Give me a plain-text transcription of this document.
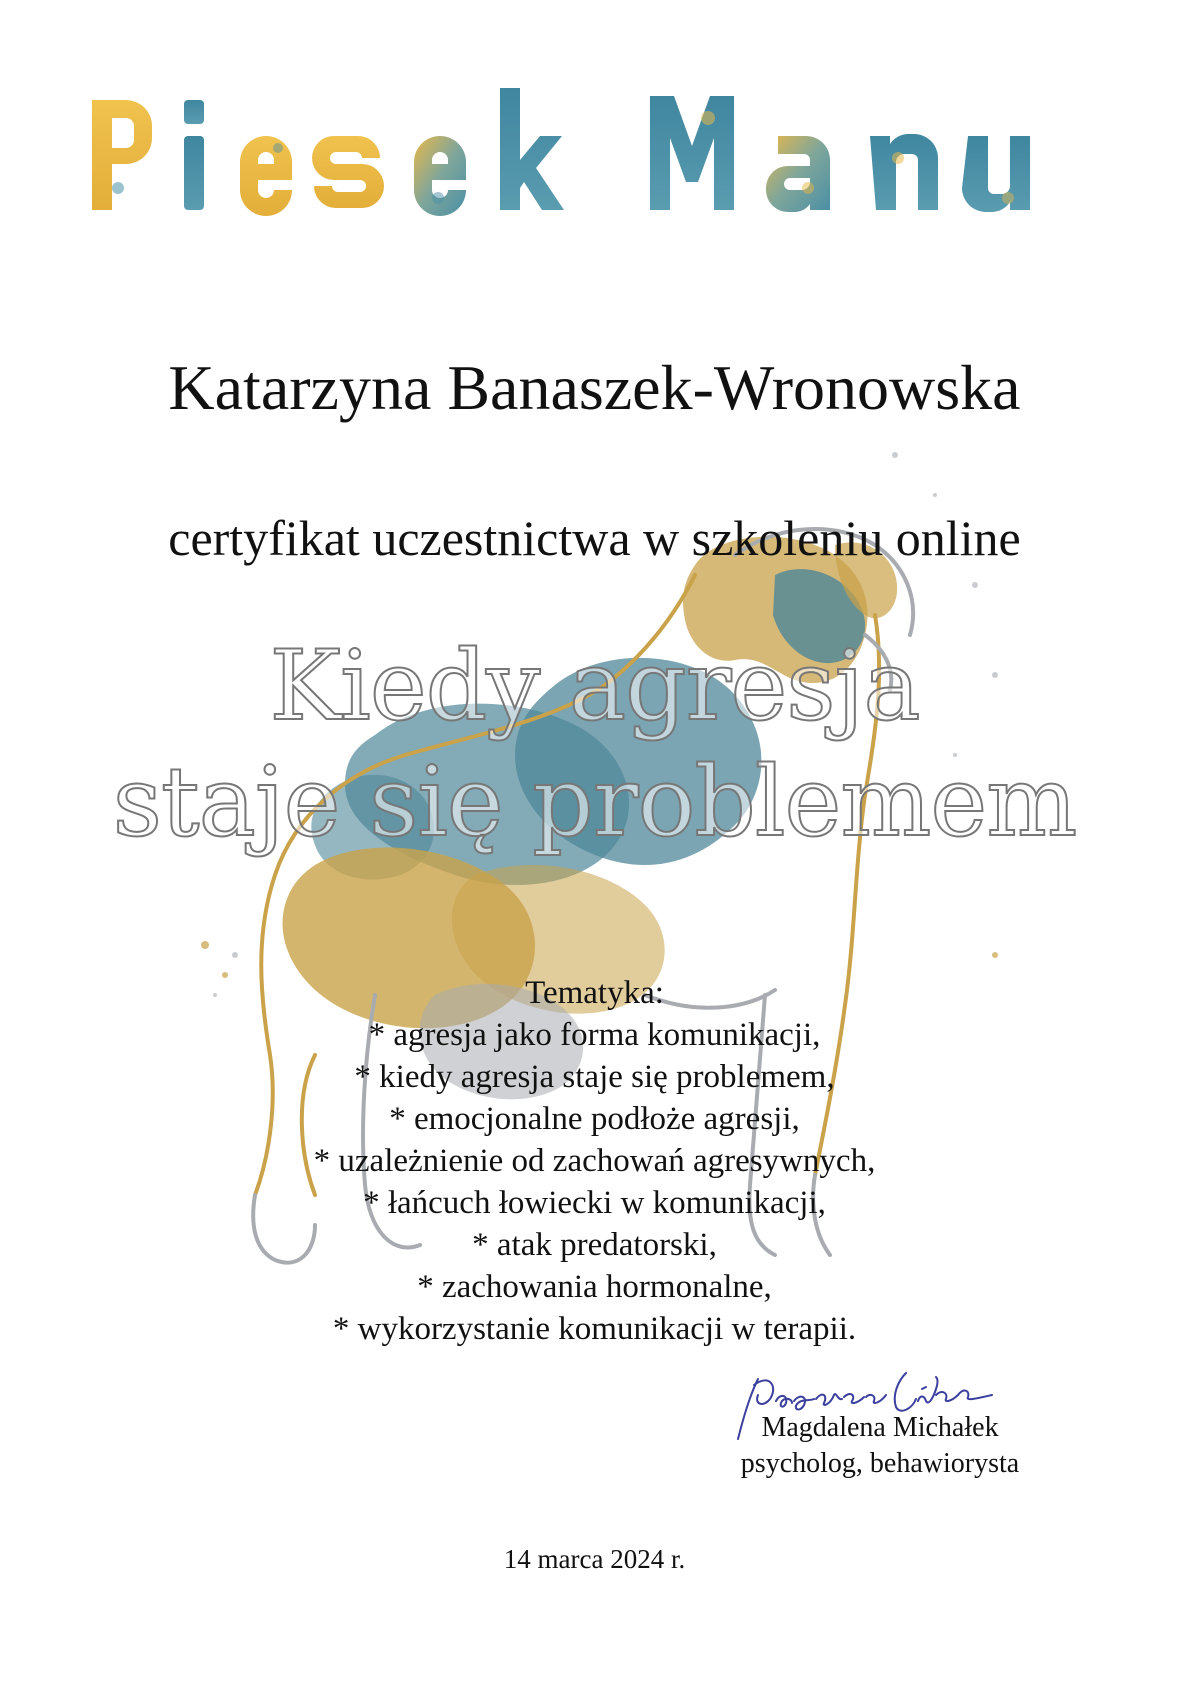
Katarzyna Banaszek-Wronowska
certyfikat uczestnictwa w szkoleniu online
Kiedy agresja
staje się problemem
Tematyka:
* agresja jako forma komunikacji,
* kiedy agresja staje się problemem,
* emocjonalne podłoże agresji,
* uzależnienie od zachowań agresywnych,
* łańcuch łowiecki w komunikacji,
* atak predatorski,
* zachowania hormonalne,
* wykorzystanie komunikacji w terapii.
Magdalena Michałek
psycholog, behawiorysta
14 marca 2024 r.
